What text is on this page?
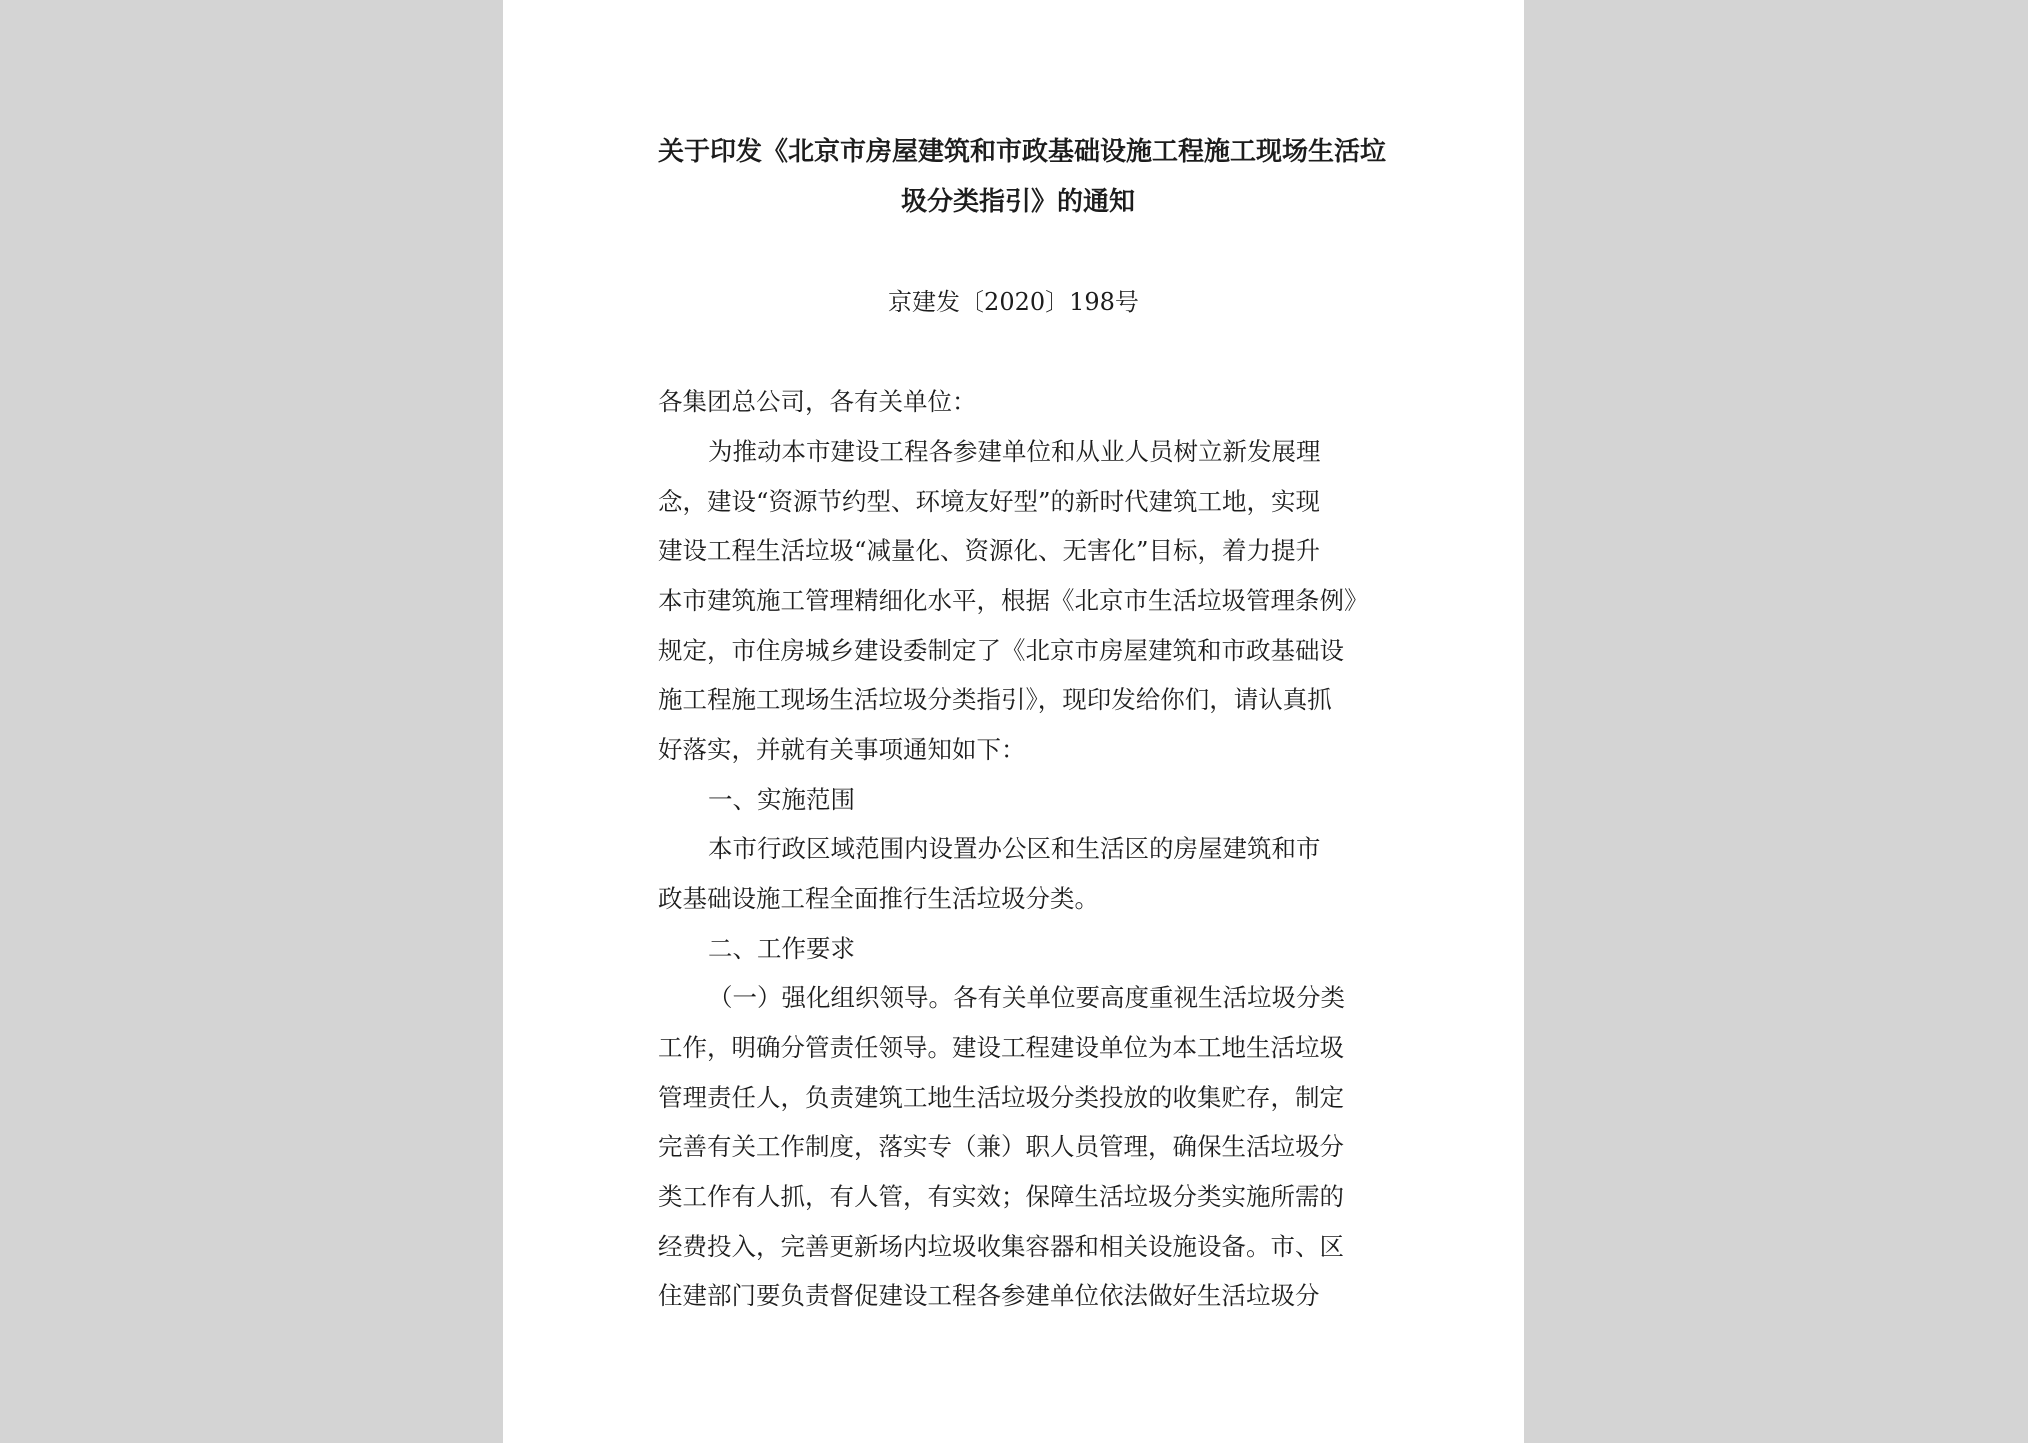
关于印发《北京市房屋建筑和市政基础设施工程施工现场生活垃
圾分类指引》的通知
京建发〔2020〕198号
各集团总公司，各有关单位：
为推动本市建设工程各参建单位和从业人员树立新发展理
念，建设“资源节约型、环境友好型”的新时代建筑工地，实现
建设工程生活垃圾“减量化、资源化、无害化”目标，着力提升
本市建筑施工管理精细化水平，根据《北京市生活垃圾管理条例》
规定，市住房城乡建设委制定了《北京市房屋建筑和市政基础设
施工程施工现场生活垃圾分类指引》，现印发给你们，请认真抓
好落实，并就有关事项通知如下：
一、实施范围
本市行政区域范围内设置办公区和生活区的房屋建筑和市
政基础设施工程全面推行生活垃圾分类。
二、工作要求
（一）强化组织领导。各有关单位要高度重视生活垃圾分类
工作，明确分管责任领导。建设工程建设单位为本工地生活垃圾
管理责任人，负责建筑工地生活垃圾分类投放的收集贮存，制定
完善有关工作制度，落实专（兼）职人员管理，确保生活垃圾分
类工作有人抓，有人管，有实效；保障生活垃圾分类实施所需的
经费投入，完善更新场内垃圾收集容器和相关设施设备。市、区
住建部门要负责督促建设工程各参建单位依法做好生活垃圾分
